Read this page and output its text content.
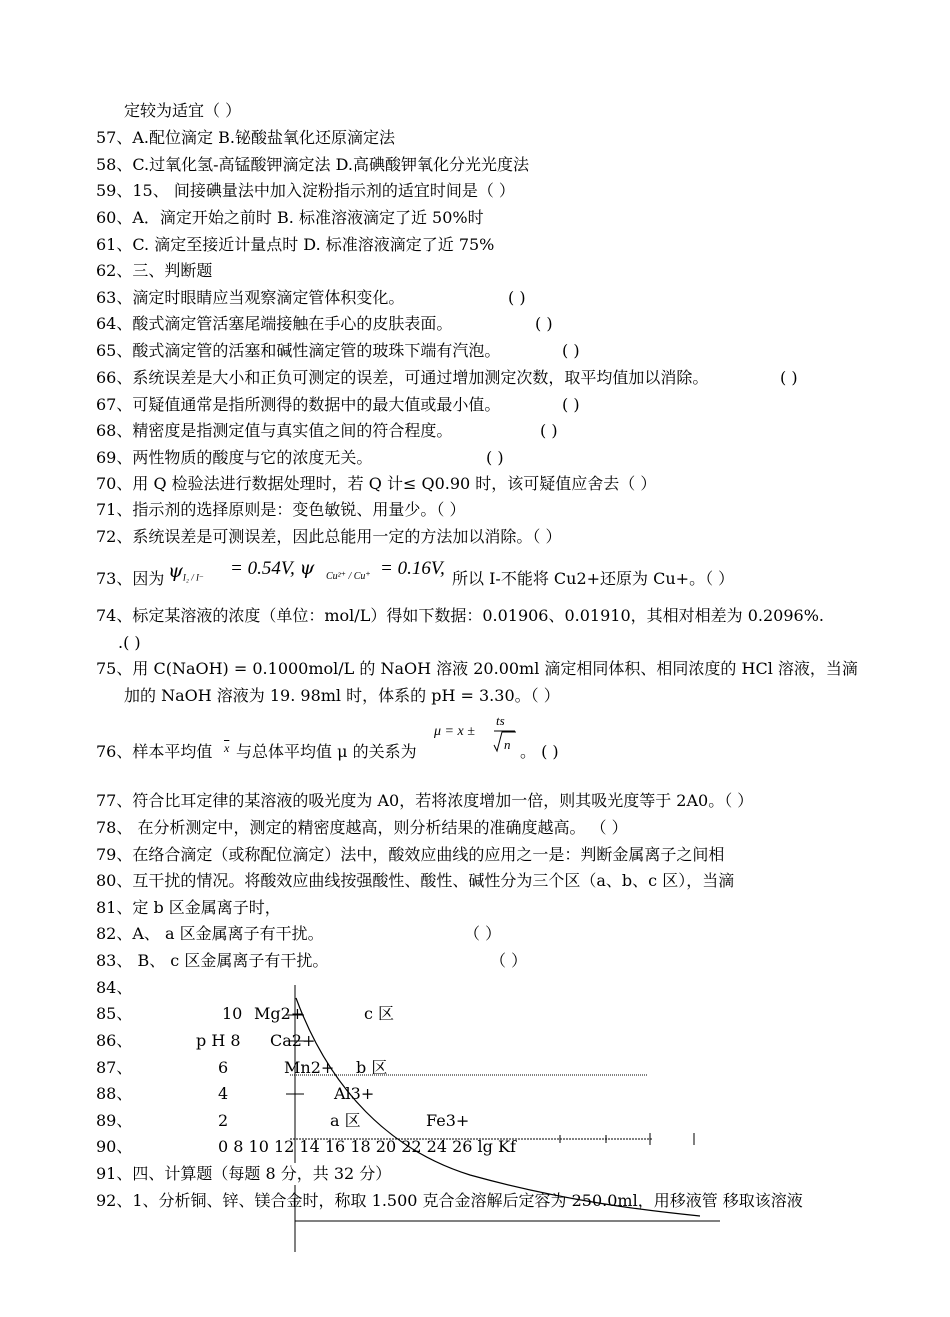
定较为适宜（ ）
57、A.配位滴定 B.铋酸盐氧化还原滴定法
58、C.过氧化氢-高锰酸钾滴定法 D.高碘酸钾氧化分光光度法
59、15、 间接碘量法中加入淀粉指示剂的适宜时间是（ ）
60、A．滴定开始之前时 B. 标准溶液滴定了近 50%时
61、C. 滴定至接近计量点时 D. 标准溶液滴定了近 75%
62、三、判断题
63、滴定时眼睛应当观察滴定管体积变化。	( )
64、酸式滴定管活塞尾端接触在手心的皮肤表面。	( )
65、酸式滴定管的活塞和碱性滴定管的玻珠下端有汽泡。	( )
66、系统误差是大小和正负可测定的误差，可通过增加测定次数，取平均值加以消除。	( )
67、可疑值通常是指所测得的数据中的最大值或最小值。	( )
68、精密度是指测定值与真实值之间的符合程度。	( )
69、两性物质的酸度与它的浓度无关。	( )
70、用 Q 检验法进行数据处理时，若 Q 计≤ Q0.90 时，该可疑值应舍去（ ）
71、指示剂的选择原则是：变色敏锐、用量少。（ ）
72、系统误差是可测误差，因此总能用一定的方法加以消除。（ ）
73、因为 $\psi_{I_2 / I^-} = 0.54V$, ψ Cu²⁺ / Cu⁺ = 0.16V, 所以 I-不能将 Cu2+还原为 Cu+。（ ）
74、标定某溶液的浓度（单位：mol/L）得如下数据：0.01906、0.01910，其相对相差为 0.2096%.
.( )
75、用 C(NaOH) = 0.1000mol/L 的 NaOH 溶液 20.00ml 滴定相同体积、相同浓度的 HCl 溶液，当滴
加的 NaOH 溶液为 19. 98ml 时，体系的 pH = 3.30。（ ）
76、样本平均值 $\overline{x}$ 与总体平均值 μ 的关系为
μ = x ±
ts
n 。 ( )
77、符合比耳定律的某溶液的吸光度为 A0，若将浓度增加一倍，则其吸光度等于 2A0。（ ）
78、 在分析测定中，测定的精密度越高，则分析结果的准确度越高。 （ ）
79、在络合滴定（或称配位滴定）法中，酸效应曲线的应用之一是：判断金属离子之间相
80、互干扰的情况。将酸效应曲线按强酸性、酸性、碱性分为三个区（a、b、c 区），当滴
81、定 b 区金属离子时，
82、A、 a 区金属离子有干扰。	（ ）
83、 B、 c 区金属离子有干扰。	（ ）
84、
85、	10 Mg2+	c 区
86、	p H 8 Ca2+
87、	6	Mn2+ b 区
88、	4	Al3+
89、	2	a 区	Fe3+
90、	0 8 10 12 14 16 18 20 22 24 26 lg Kf
91、四、计算题（每题 8 分，共 32 分）
92、1、分析铜、锌、镁合金时，称取 1.500 克合金溶解后定容为 250.0ml，用移液管 移取该溶液
